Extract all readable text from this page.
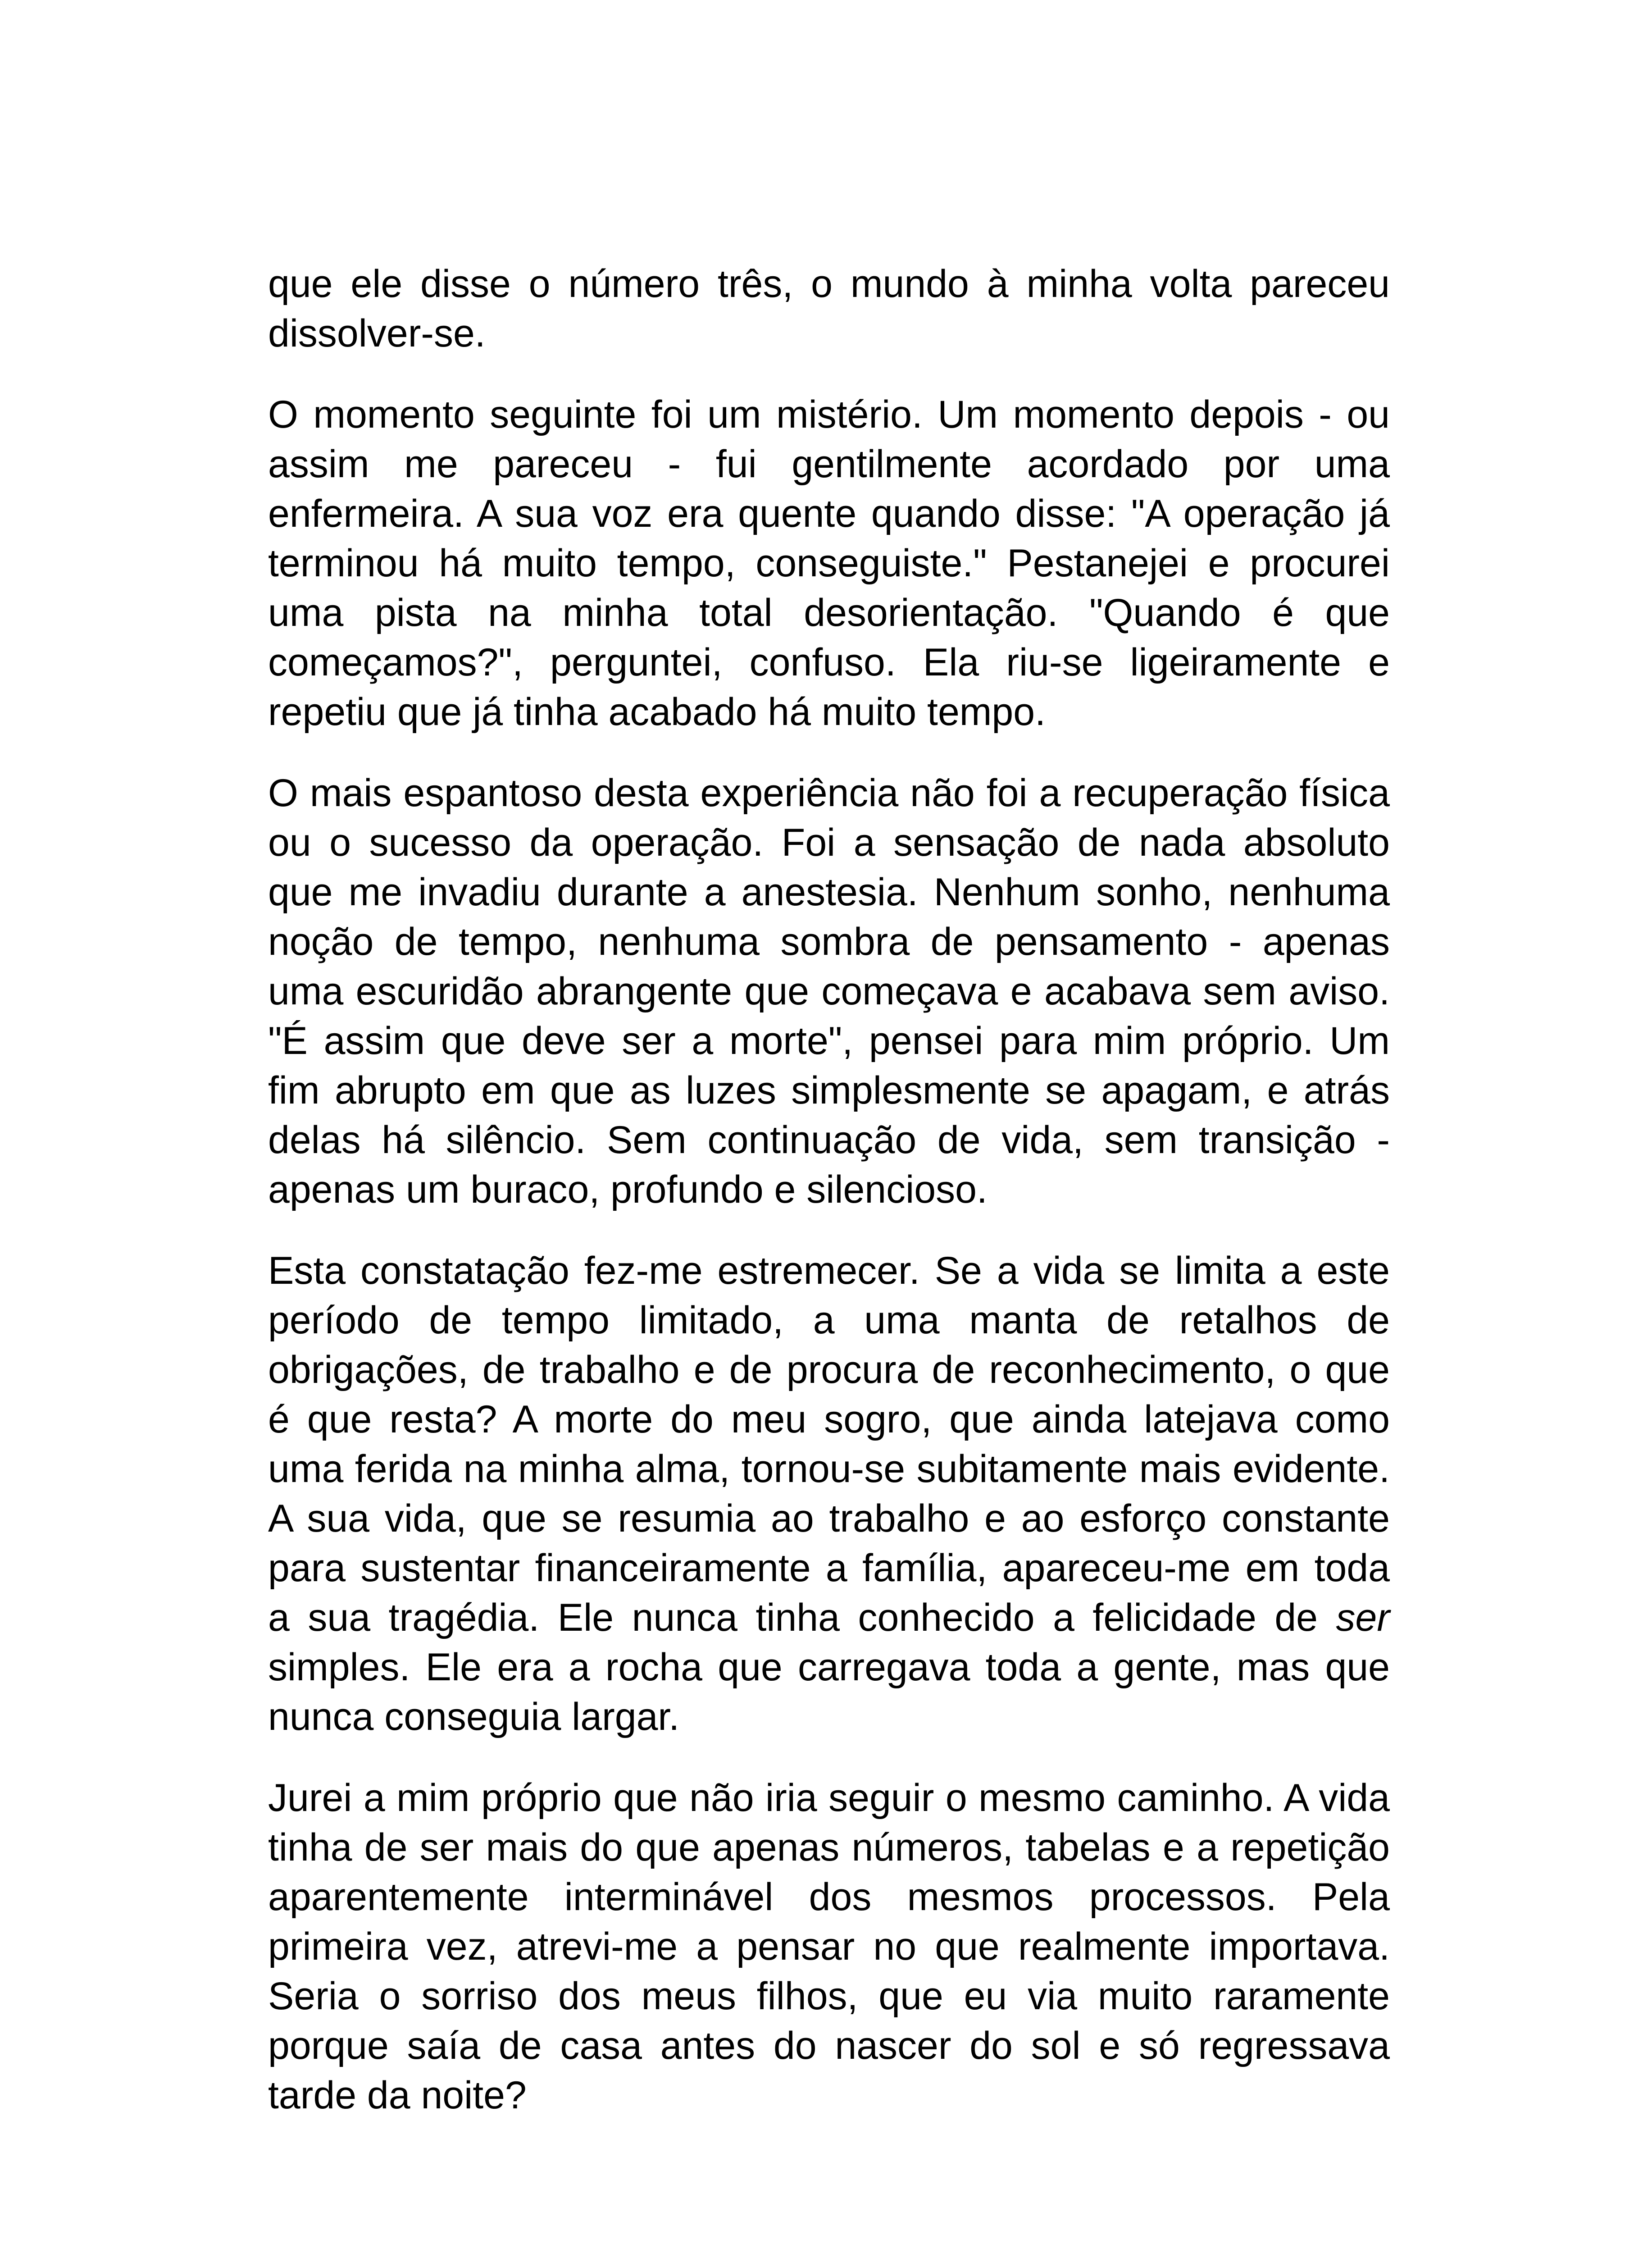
que ele disse o número três, o mundo à minha volta pareceu dissolver-se.

O momento seguinte foi um mistério. Um momento depois - ou assim me pareceu - fui gentilmente acordado por uma enfermeira. A sua voz era quente quando disse: "A operação já terminou há muito tempo, conseguiste." Pestanejei e procurei uma pista na minha total desorientação. "Quando é que começamos?", perguntei, confuso. Ela riu-se ligeiramente e repetiu que já tinha acabado há muito tempo.

O mais espantoso desta experiência não foi a recuperação física ou o sucesso da operação. Foi a sensação de nada absoluto que me invadiu durante a anestesia. Nenhum sonho, nenhuma noção de tempo, nenhuma sombra de pensamento - apenas uma escuridão abrangente que começava e acabava sem aviso. "É assim que deve ser a morte", pensei para mim próprio. Um fim abrupto em que as luzes simplesmente se apagam, e atrás delas há silêncio. Sem continuação de vida, sem transição - apenas um buraco, profundo e silencioso.

Esta constatação fez-me estremecer. Se a vida se limita a este período de tempo limitado, a uma manta de retalhos de obrigações, de trabalho e de procura de reconhecimento, o que é que resta? A morte do meu sogro, que ainda latejava como uma ferida na minha alma, tornou-se subitamente mais evidente. A sua vida, que se resumia ao trabalho e ao esforço constante para sustentar financeiramente a família, apareceu-me em toda a sua tragédia. Ele nunca tinha conhecido a felicidade de ser simples. Ele era a rocha que carregava toda a gente, mas que nunca conseguia largar.

Jurei a mim próprio que não iria seguir o mesmo caminho. A vida tinha de ser mais do que apenas números, tabelas e a repetição aparentemente interminável dos mesmos processos. Pela primeira vez, atrevi-me a pensar no que realmente importava. Seria o sorriso dos meus filhos, que eu via muito raramente porque saía de casa antes do nascer do sol e só regressava tarde da noite?
